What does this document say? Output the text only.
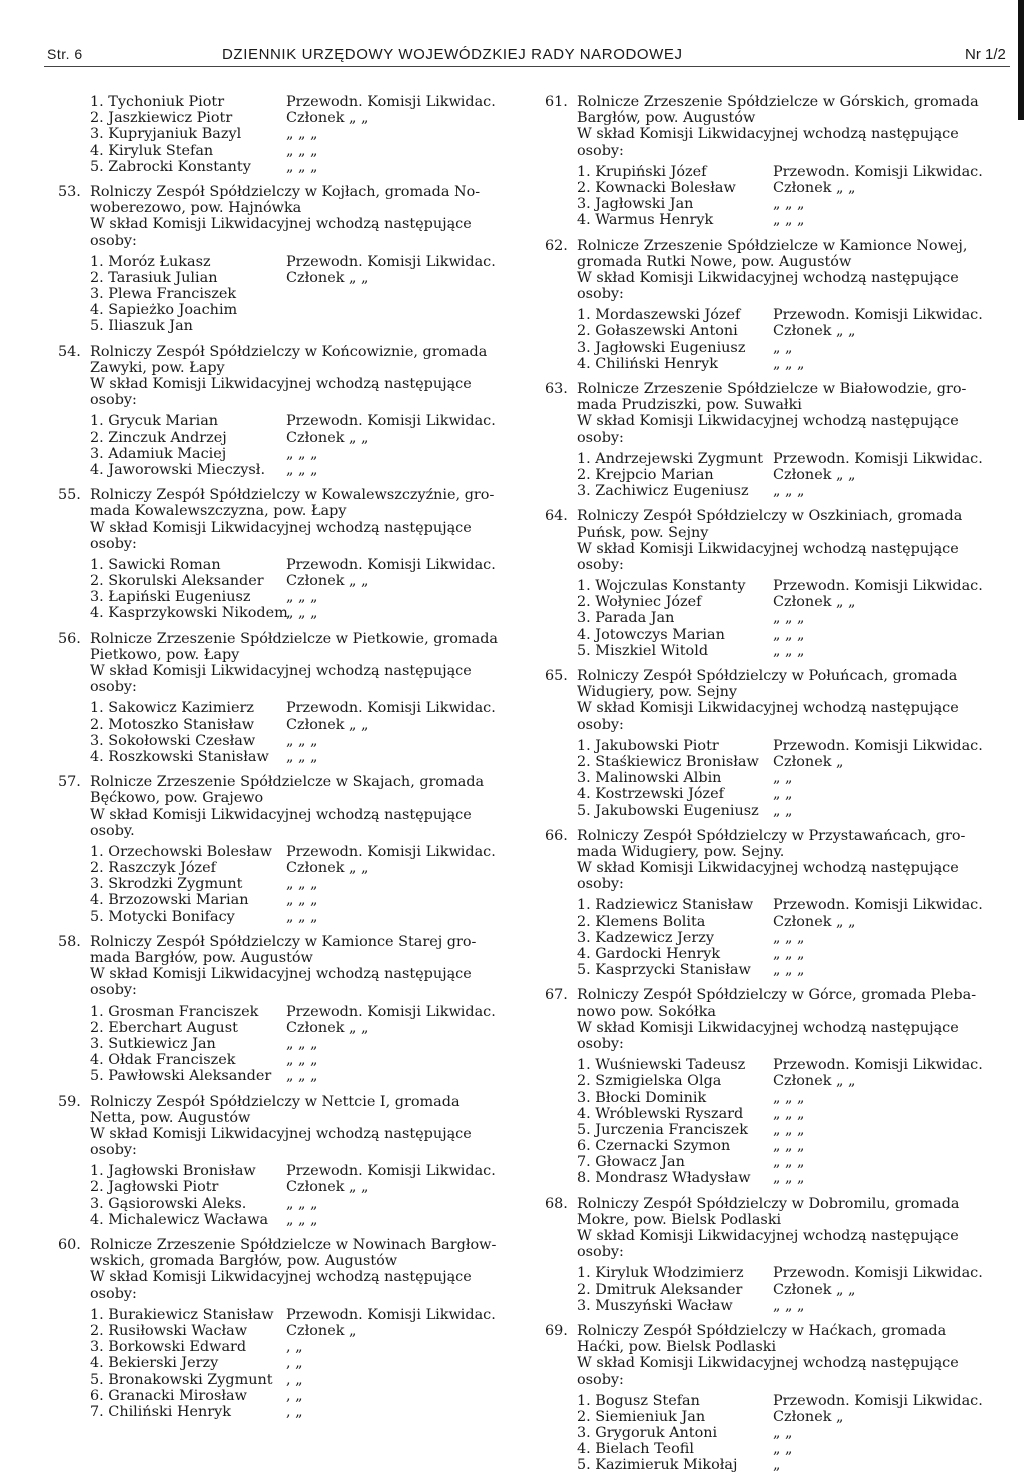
Str. 6	DZIENNIK URZĘDOWY WOJEWÓDZKIEJ RADY NARODOWEJ	Nr 1/2
1. Tychoniuk Piotr	Przewodn. Komisji Likwidac.
2. Jaszkiewicz Piotr	Członek „ „
3. Kupryjaniuk Bazyl	„ „ „
4. Kiryluk Stefan	„ „ „
5. Zabrocki Konstanty „ „ „
53. Rolniczy Zespół Spółdzielczy w Kojłach, gromada No-
woberezowo, pow. Hajnówka
W skład Komisji Likwidacyjnej wchodzą następujące
osoby:
1. Moróz Łukasz	Przewodn. Komisji Likwidac.
2. Tarasiuk Julian	Członek „ „
3. Plewa Franciszek
4. Sapieżko Joachim
5. Iliaszuk Jan
54. Rolniczy Zespół Spółdzielczy w Końcowiznie, gromada
Zawyki, pow. Łapy
W skład Komisji Likwidacyjnej wchodzą następujące
osoby:
1. Grycuk Marian	Przewodn. Komisji Likwidac.
2. Zinczuk Andrzej	Członek „ „
3. Adamiuk Maciej	„ „ „
4. Jaworowski Mieczysł. „ „ „
55. Rolniczy Zespół Spółdzielczy w Kowalewszczyźnie, gro-
mada Kowalewszczyzna, pow. Łapy
W skład Komisji Likwidacyjnej wchodzą następujące
osoby:
1. Sawicki Roman	Przewodn. Komisji Likwidac.
2. Skorulski Aleksander Członek „ „
3. Łapiński Eugeniusz „ „ „
4. Kasprzykowski Nikodem„ „ „
56. Rolnicze Zrzeszenie Spółdzielcze w Pietkowie, gromada
Pietkowo, pow. Łapy
W skład Komisji Likwidacyjnej wchodzą następujące
osoby:
1. Sakowicz Kazimierz Przewodn. Komisji Likwidac.
2. Motoszko Stanisław Członek „ „
3. Sokołowski Czesław „ „ „
4. Roszkowski Stanisław „ „ „
57. Rolnicze Zrzeszenie Spółdzielcze w Skajach, gromada
Bęćkowo, pow. Grajewo
W skład Komisji Likwidacyjnej wchodzą następujące
osoby.
1. Orzechowski Bolesław Przewodn. Komisji Likwidac.
2. Raszczyk Józef	Członek „ „
3. Skrodzki Zygmunt	„ „ „
4. Brzozowski Marian	„ „ „
5. Motycki Bonifacy	„ „ „
58. Rolniczy Zespół Spółdzielczy w Kamionce Starej gro-
mada Bargłów, pow. Augustów
W skład Komisji Likwidacyjnej wchodzą następujące
osoby:
1. Grosman Franciszek Przewodn. Komisji Likwidac.
2. Eberchart August	Członek „ „
3. Sutkiewicz Jan	„ „ „
4. Ołdak Franciszek	„ „ „
5. Pawłowski Aleksander „ „ „
59. Rolniczy Zespół Spółdzielczy w Nettcie I, gromada
Netta, pow. Augustów
W skład Komisji Likwidacyjnej wchodzą następujące
osoby:
1. Jagłowski Bronisław Przewodn. Komisji Likwidac.
2. Jagłowski Piotr	Członek „ „
3. Gąsiorowski Aleks.	„ „ „
4. Michalewicz Wacława „ „ „
60. Rolnicze Zrzeszenie Spółdzielcze w Nowinach Bargłow-
wskich, gromada Bargłów, pow. Augustów
W skład Komisji Likwidacyjnej wchodzą następujące
osoby:
1. Burakiewicz Stanisław Przewodn. Komisji Likwidac.
2. Rusiłowski Wacław	Członek „
3. Borkowski Edward	, „
4. Bekierski Jerzy	, „
5. Bronakowski Zygmunt , „
6. Granacki Mirosław	, „
7. Chiliński Henryk	, „
61. Rolnicze Zrzeszenie Spółdzielcze w Górskich, gromada
Bargłów, pow. Augustów
W skład Komisji Likwidacyjnej wchodzą następujące
osoby:
1. Krupiński Józef	Przewodn. Komisji Likwidac.
2. Kownacki Bolesław	Członek „ „
3. Jagłowski Jan	„ „ „
4. Warmus Henryk	„ „ „
62. Rolnicze Zrzeszenie Spółdzielcze w Kamionce Nowej,
gromada Rutki Nowe, pow. Augustów
W skład Komisji Likwidacyjnej wchodzą następujące
osoby:
1. Mordaszewski Józef Przewodn. Komisji Likwidac.
2. Gołaszewski Antoni Członek „ „
3. Jagłowski Eugeniusz „ „
4. Chiliński Henryk	„ „ „
63. Rolnicze Zrzeszenie Spółdzielcze w Białowodzie, gro-
mada Prudziszki, pow. Suwałki
W skład Komisji Likwidacyjnej wchodzą następujące
osoby:
1. Andrzejewski Zygmunt Przewodn. Komisji Likwidac.
2. Krejpcio Marian	Członek „ „
3. Zachiwicz Eugeniusz „ „ „
64. Rolniczy Zespół Spółdzielczy w Oszkiniach, gromada
Puńsk, pow. Sejny
W skład Komisji Likwidacyjnej wchodzą następujące
osoby:
1. Wojczulas Konstanty Przewodn. Komisji Likwidac.
2. Wołyniec Józef	Członek „ „
3. Parada Jan	„ „ „
4. Jotowczys Marian	„ „ „
5. Miszkiel Witold	„ „ „
65. Rolniczy Zespół Spółdzielczy w Połuńcach, gromada
Widugiery, pow. Sejny
W skład Komisji Likwidacyjnej wchodzą następujące
osoby:
1. Jakubowski Piotr	Przewodn. Komisji Likwidac.
2. Staśkiewicz Bronisław Członek „
3. Malinowski Albin	„ „
4. Kostrzewski Józef	„ „
5. Jakubowski Eugeniusz „ „
66. Rolniczy Zespół Spółdzielczy w Przystawańcach, gro-
mada Widugiery, pow. Sejny.
W skład Komisji Likwidacyjnej wchodzą następujące
osoby:
1. Radziewicz Stanisław Przewodn. Komisji Likwidac.
2. Klemens Bolita	Członek „ „
3. Kadzewicz Jerzy	„ „ „
4. Gardocki Henryk	„ „ „
5. Kasprzycki Stanisław „ „ „
67. Rolniczy Zespół Spółdzielczy w Górce, gromada Pleba-
nowo pow. Sokółka
W skład Komisji Likwidacyjnej wchodzą następujące
osoby:
1. Wuśniewski Tadeusz Przewodn. Komisji Likwidac.
2. Szmigielska Olga	Członek „ „
3. Błocki Dominik	„ „ „
4. Wróblewski Ryszard „ „ „
5. Jurczenia Franciszek „ „ „
6. Czernacki Szymon	„ „ „
7. Głowacz Jan	„ „ „
8. Mondrasz Władysław „ „ „
68. Rolniczy Zespół Spółdzielczy w Dobromilu, gromada
Mokre, pow. Bielsk Podlaski
W skład Komisji Likwidacyjnej wchodzą następujące
osoby:
1. Kiryluk Włodzimierz Przewodn. Komisji Likwidac.
2. Dmitruk Aleksander Członek „ „
3. Muszyński Wacław	„ „ „
69. Rolniczy Zespół Spółdzielczy w Haćkach, gromada
Haćki, pow. Bielsk Podlaski
W skład Komisji Likwidacyjnej wchodzą następujące
osoby:
1. Bogusz Stefan	Przewodn. Komisji Likwidac.
2. Siemieniuk Jan	Członek „
3. Grygoruk Antoni	„ „
4. Bielach Teofil	„ „
5. Kazimieruk Mikołaj „
